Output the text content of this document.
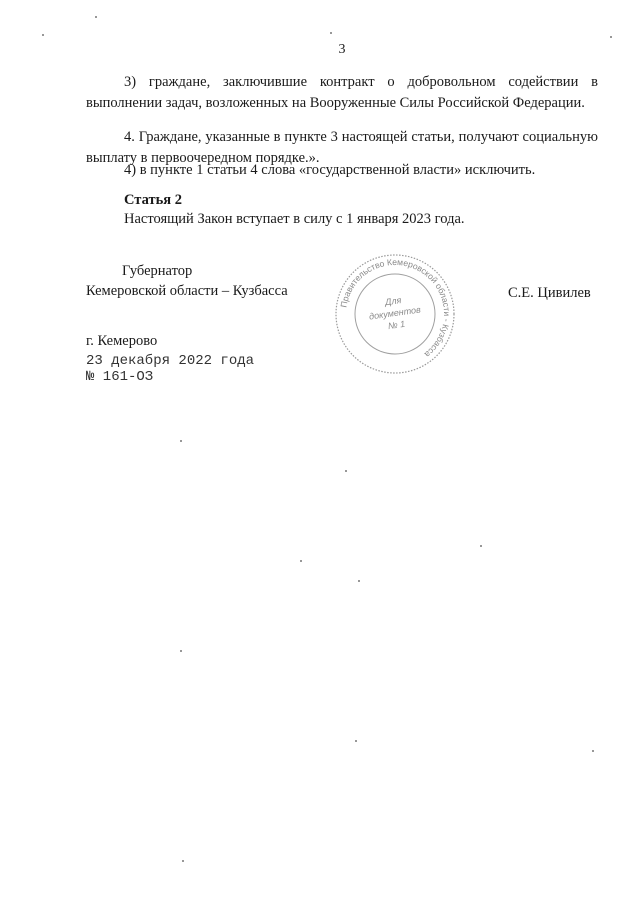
3

3) граждане, заключившие контракт о добровольном содействии в выполнении задач, возложенных на Вооруженные Силы Российской Федерации.

4. Граждане, указанные в пункте 3 настоящей статьи, получают социальную выплату в первоочередном порядке.».

4) в пункте 1 статьи 4 слова «государственной власти» исключить.

Статья 2
Настоящий Закон вступает в силу с 1 января 2023 года.
Губернатор
Кемеровской области – Кузбасса	С.Е. Цивилев
Правительство Кемеровской области - Кузбасса
Для
документов
№ 1
г. Кемерово
23 декабря 2022 года
№ 161-ОЗ
